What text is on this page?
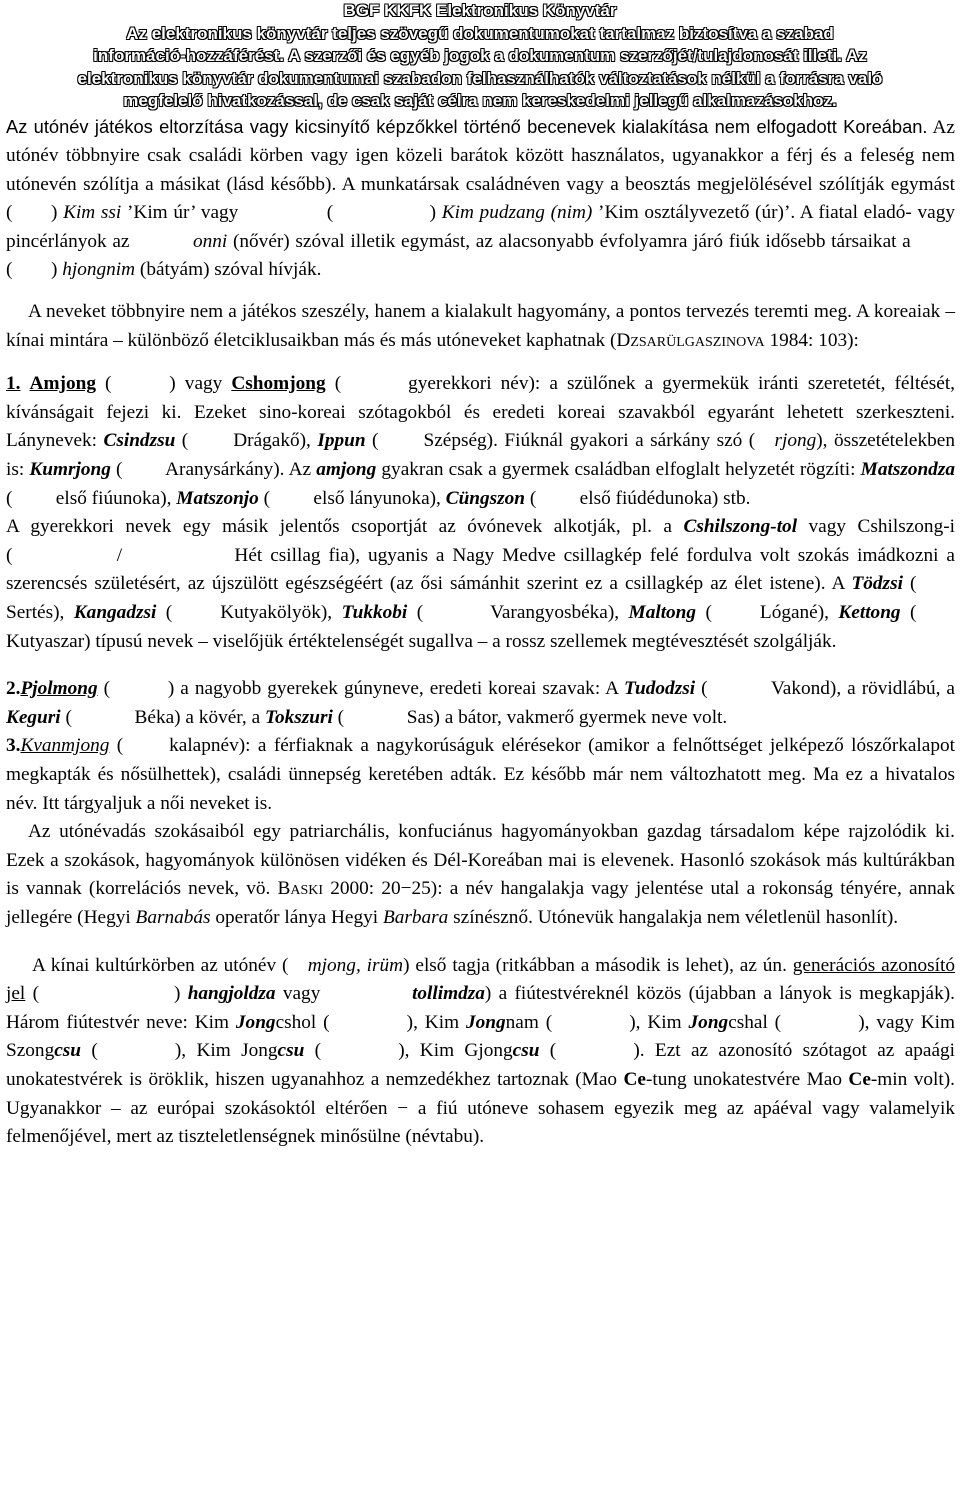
BGF KKFK Elektronikus Könyvtár
Az elektronikus könyvtár teljes szövegű dokumentumokat tartalmaz biztosítva a szabad
információ-hozzáférést. A szerzői és egyéb jogok a dokumentum szerzőjét/tulajdonosát illeti. Az
elektronikus könyvtár dokumentumai szabadon felhasználhatók változtatások nélkül a forrásra való
megfelelő hivatkozással, de csak saját célra nem kereskedelmi jellegű alkalmazásokhoz.

Az utónév játékos eltorzítása vagy kicsinyítő képzőkkel történő becenevek kialakítása nem elfogadott Koreában. Az utónév többnyire csak családi körben vagy igen közeli barátok között használatos, ugyanakkor a férj és a feleség nem utónevén szólítja a másikat (lásd később). A munkatársak családnéven vagy a beosztás megjelölésével szólítják egymást (  ) Kim ssi ’Kim úr’ vagy      (     ) Kim pudzang (nim) ’Kim osztályvezető (úr)’. A fiatal eladó- vagy pincérlányok az    onni (nővér) szóval illetik egymást, az alacsonyabb évfolyamra járó fiúk idősebb társaikat a    (  ) hjongnim (bátyám) szóval hívják.

A neveket többnyire nem a játékos szeszély, hanem a kialakult hagyomány, a pontos tervezés teremti meg. A koreaiak – kínai mintára – különböző életciklusaikban más és más utóneveket kaphatnak (Dzsarülgaszinova 1984: 103):

1. Amjong (   ) vagy Cshomjong (    gyerekkori név): a szülőnek a gyermekük iránti szeretetét, féltését, kívánságait fejezi ki. Ezeket sino-koreai szótagokból és eredeti koreai szavakból egyaránt lehetett szerkeszteni. Lánynevek: Csindzsu (   Drágakő), Ippun (   Szépség). Fiúknál gyakori a sárkány szó ( rjong), összetételekben is: Kumrjong (   Aranysárkány). Az amjong gyakran csak a gyermek családban elfoglalt helyzetét rögzíti: Matszondza (   első fiúunoka), Matszonjo (   első lányunoka), Cüngszon (   első fiúdédunoka) stb.

A gyerekkori nevek egy másik jelentős csoportját az óvónevek alkotják, pl. a Cshilszong-tol vagy Cshilszong-i (      /       Hét csillag fia), ugyanis a Nagy Medve csillagkép felé fordulva volt szokás imádkozni a szerencsés születésért, az újszülött egészségéért (az ősi sámánhit szerint ez a csillagkép az élet istene). A Tödzsi (   Sertés), Kangadzsi (   Kutyakölyök), Tukkobi (    Varangyosbéka), Maltong (   Lógané), Kettong (   Kutyaszar) típusú nevek – viselőjük értéktelenségét sugallva – a rossz szellemek megtévesztését szolgálják.

2.Pjolmong (   ) a nagyobb gyerekek gúnyneve, eredeti koreai szavak: A Tudodzsi (    Vakond), a rövidlábú, a Keguri (    Béka) a kövér, a Tokszuri (    Sas) a bátor, vakmerő gyermek neve volt.

3.Kvanmjong (   kalapnév): a férfiaknak a nagykorúságuk elérésekor (amikor a felnőttséget jelképező lószőrkalapot megkapták és nősülhettek), családi ünnepség keretében adták. Ez később már nem változhatott meg. Ma ez a hivatalos név. Itt tárgyaljuk a női neveket is.

Az utónévadás szokásaiból egy patriarchális, konfuciánus hagyományokban gazdag társadalom képe rajzolódik ki. Ezek a szokások, hagyományok különösen vidéken és Dél-Koreában mai is elevenek. Hasonló szokások más kultúrákban is vannak (korrelációs nevek, vö. Baski 2000: 20−25): a név hangalakja vagy jelentése utal a rokonság tényére, annak jellegére (Hegyi Barnabás operatőr lánya Hegyi Barbara színésznő. Utónevük hangalakja nem véletlenül hasonlít).

A kínai kultúrkörben az utónév ( mjong, irüm) első tagja (ritkábban a második is lehet), az ún. generációs azonosító jel (       ) hangjoldza vagy      tollimdza) a fiútestvéreknél közös (újabban a lányok is megkapják). Három fiútestvér neve: Kim Jongcshol (    ), Kim Jongnam (    ), Kim Jongcshal (    ), vagy Kim Szongcsu (    ), Kim Jongcsu (    ), Kim Gjongcsu (    ). Ezt az azonosító szótagot az apaági unokatestvérek is öröklik, hiszen ugyanahhoz a nemzedékhez tartoznak (Mao Ce-tung unokatestvére Mao Ce-min volt). Ugyanakkor – az európai szokásoktól eltérően − a fiú utóneve sohasem egyezik meg az apáéval vagy valamelyik felmenőjével, mert az tiszteletlenségnek minősülne (névtabu).
